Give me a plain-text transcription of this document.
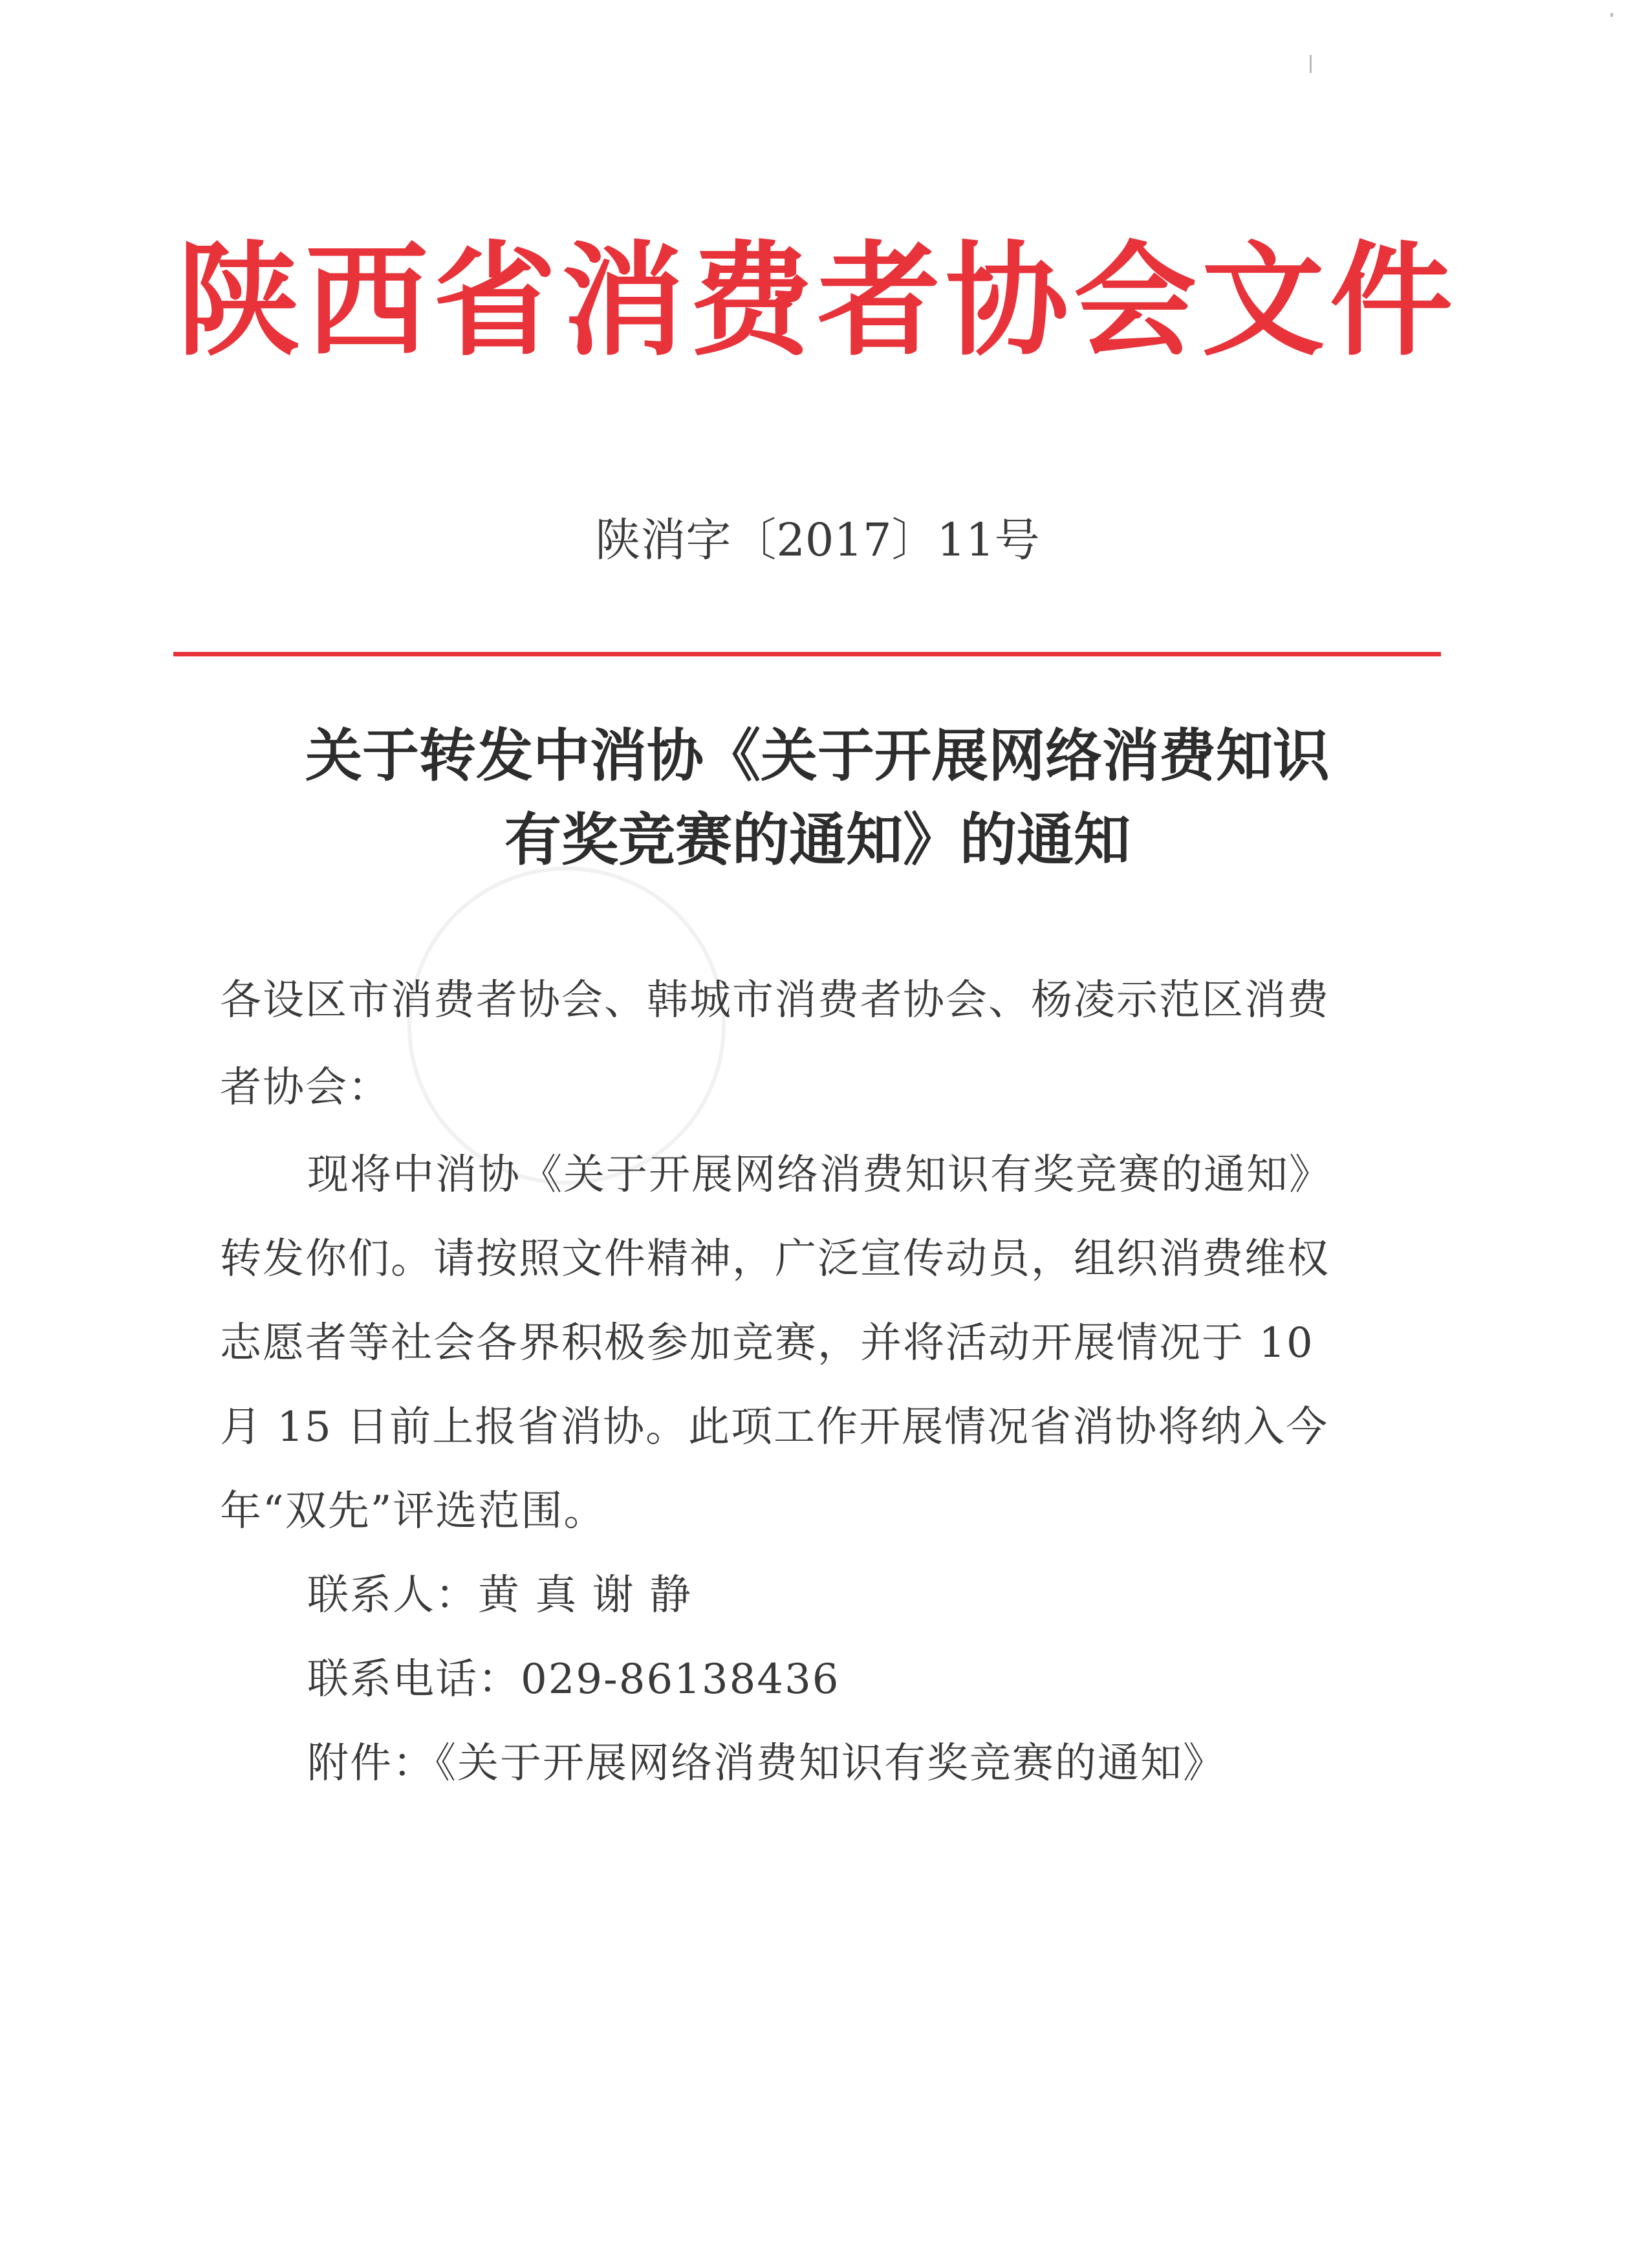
陕西省消费者协会文件
陕消字〔2017〕11号
关于转发中消协《关于开展网络消费知识
有奖竞赛的通知》的通知
各设区市消费者协会、韩城市消费者协会、杨凌示范区消费
者协会：
现将中消协《关于开展网络消费知识有奖竞赛的通知》
转发你们。请按照文件精神，广泛宣传动员，组织消费维权
志愿者等社会各界积极参加竞赛，并将活动开展情况于 10
月 15 日前上报省消协。此项工作开展情况省消协将纳入今
年“双先”评选范围。
联系人：黄 真 谢 静
联系电话：029-86138436
附件：《关于开展网络消费知识有奖竞赛的通知》
